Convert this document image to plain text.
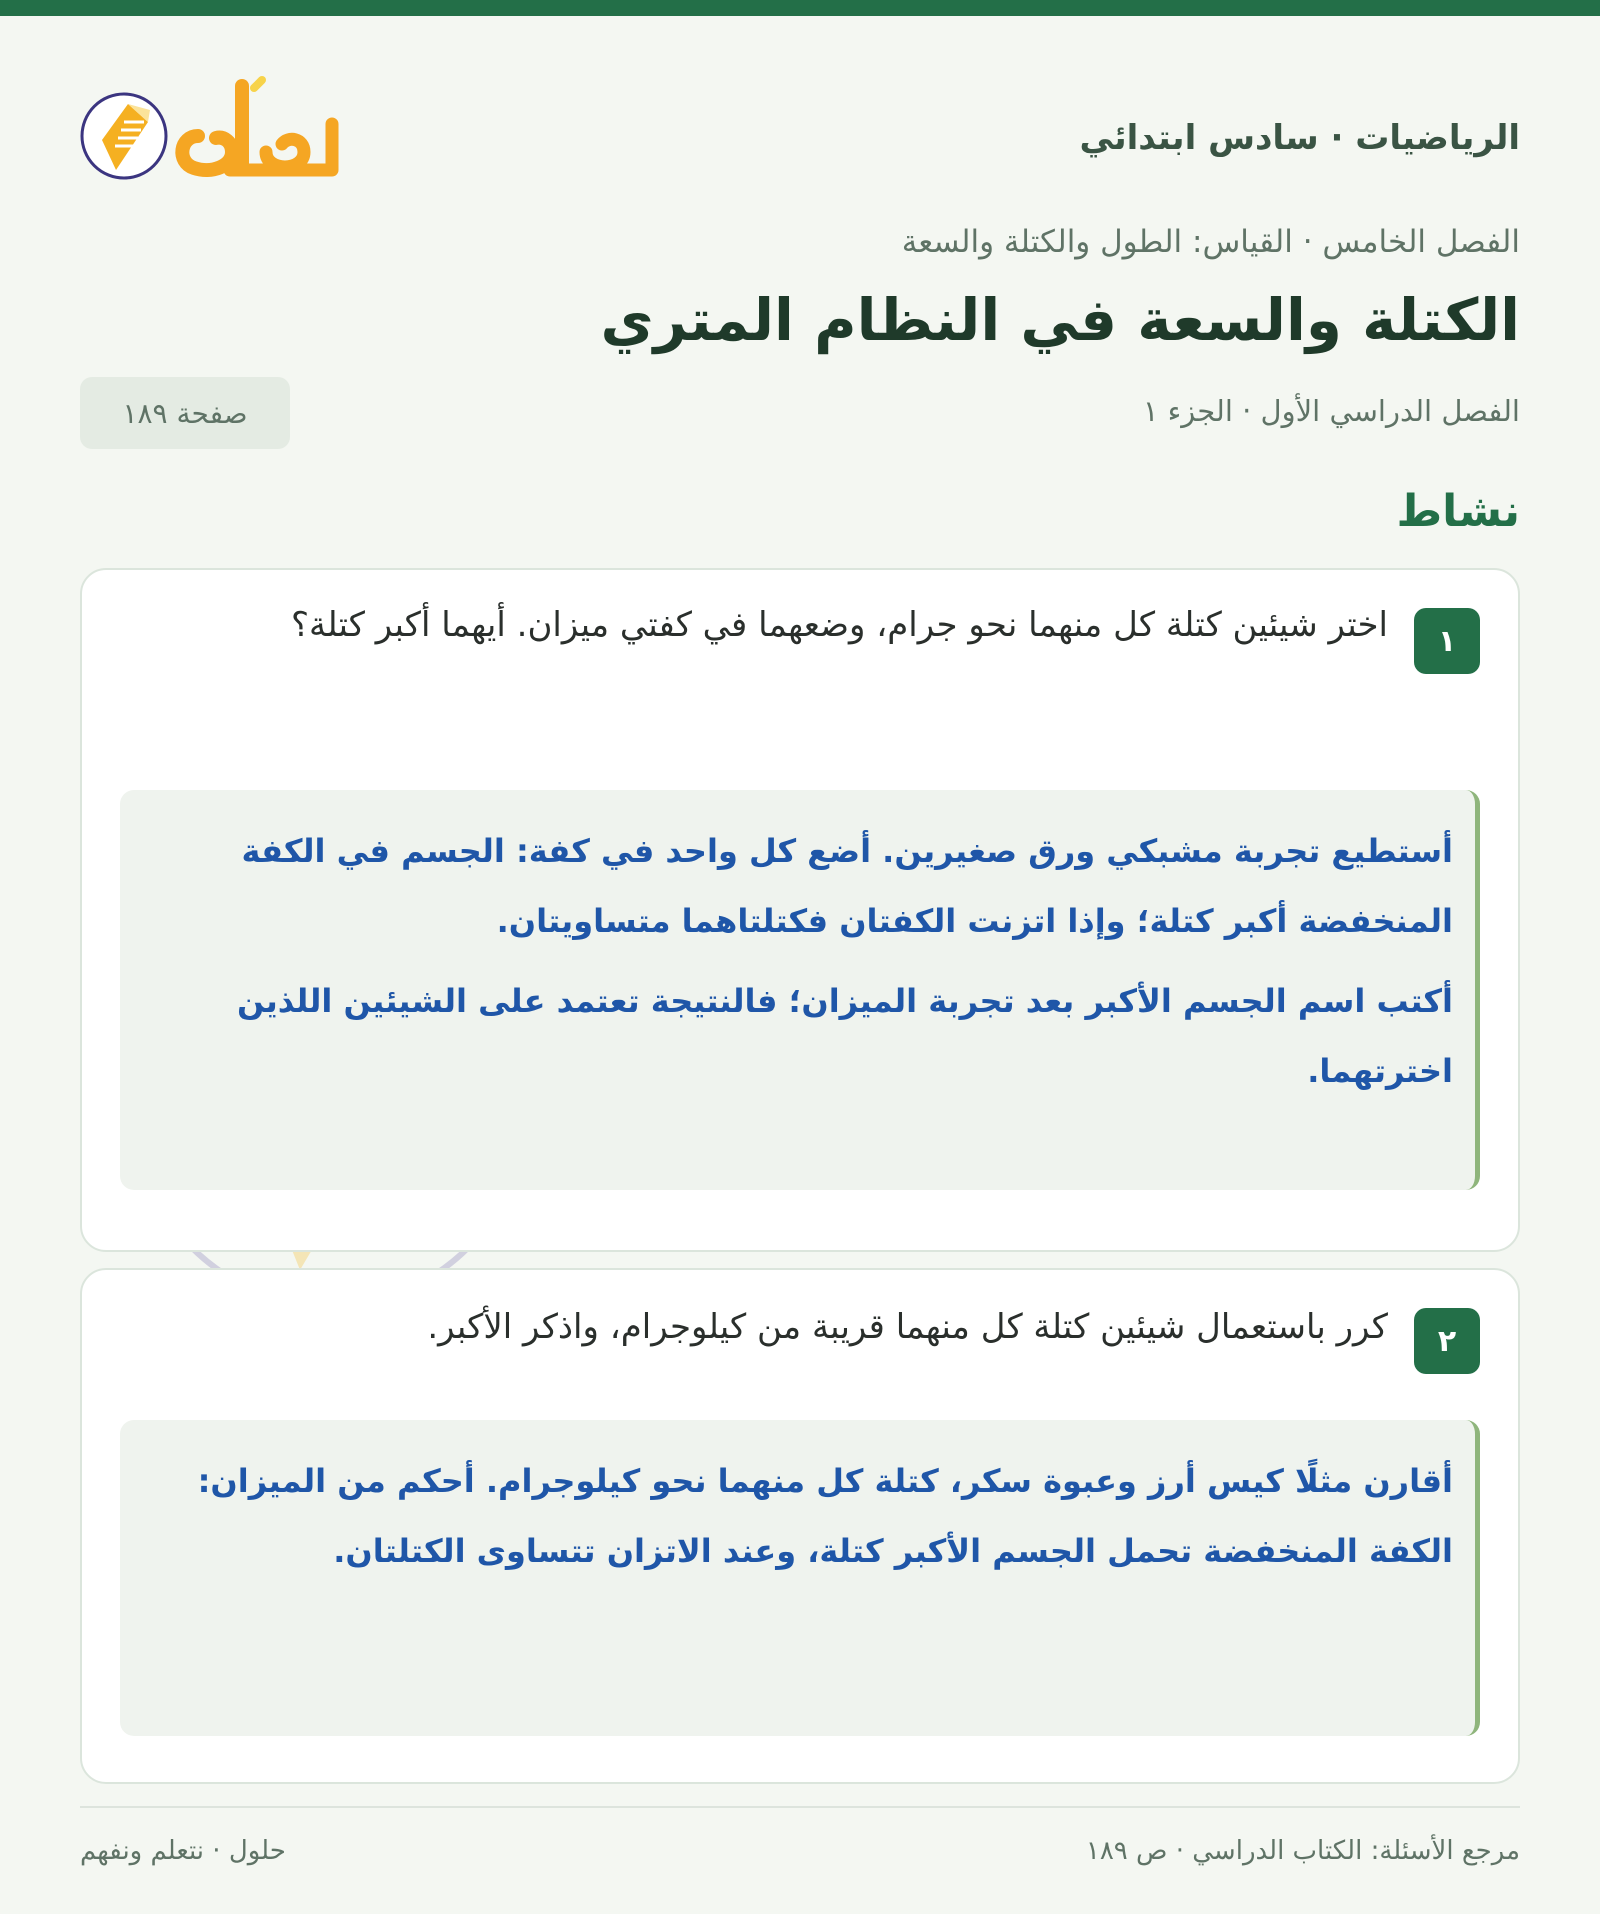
الرياضيات · سادس ابتدائي
الفصل الخامس · القياس: الطول والكتلة والسعة
الكتلة والسعة في النظام المتري
الفصل الدراسي الأول · الجزء ١
صفحة ١٨٩
نشاط
١
اختر شيئين كتلة كل منهما نحو جرام، وضعهما في كفتي ميزان. أيهما أكبر كتلة؟

أستطيع تجربة مشبكي ورق صغيرين. أضع كل واحد في كفة: الجسم في الكفة المنخفضة أكبر كتلة؛ وإذا اتزنت الكفتان فكتلتاهما متساويتان.

أكتب اسم الجسم الأكبر بعد تجربة الميزان؛ فالنتيجة تعتمد على الشيئين اللذين اخترتهما.

٢
كرر باستعمال شيئين كتلة كل منهما قريبة من كيلوجرام، واذكر الأكبر.

أقارن مثلًا كيس أرز وعبوة سكر، كتلة كل منهما نحو كيلوجرام. أحكم من الميزان: الكفة المنخفضة تحمل الجسم الأكبر كتلة، وعند الاتزان تتساوى الكتلتان.

مرجع الأسئلة: الكتاب الدراسي · ص ١٨٩
حلول · نتعلم ونفهم
